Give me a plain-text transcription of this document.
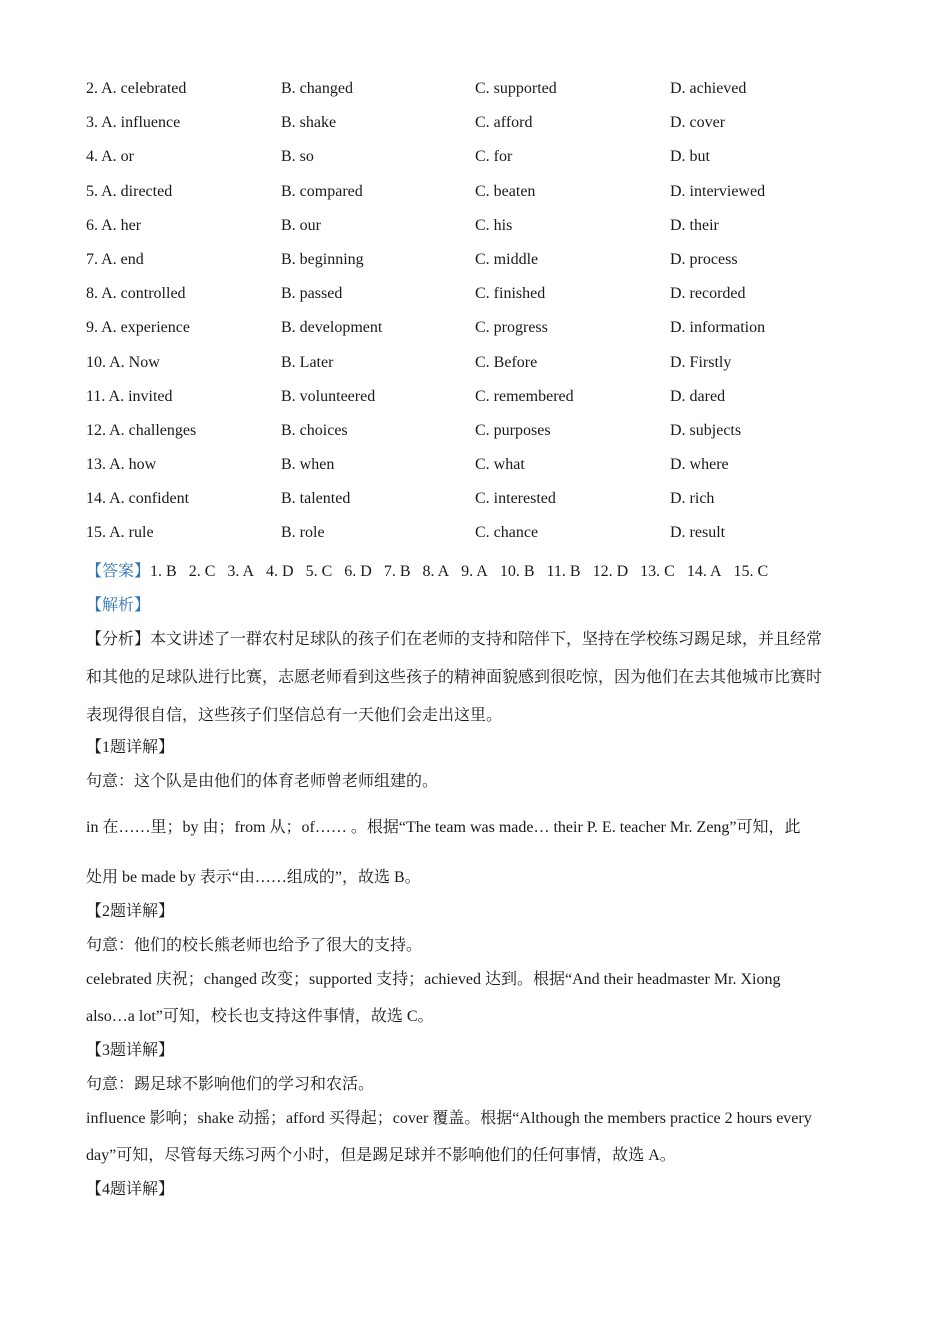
2. A. celebrated	B. changed	C. supported	D. achieved
3. A. influence	B. shake	C. afford	D. cover
4. A. or	B. so	C. for	D. but
5. A. directed	B. compared	C. beaten	D. interviewed
6. A. her	B. our	C. his	D. their
7. A. end	B. beginning	C. middle	D. process
8. A. controlled	B. passed	C. finished	D. recorded
9. A. experience	B. development	C. progress	D. information
10. A. Now	B. Later	C. Before	D. Firstly
11. A. invited	B. volunteered	C. remembered	D. dared
12. A. challenges	B. choices	C. purposes	D. subjects
13. A. how	B. when	C. what	D. where
14. A. confident	B. talented	C. interested	D. rich
15. A. rule	B. role	C. chance	D. result
【答案】1. B 2. C 3. A 4. D 5. C 6. D 7. B 8. A 9. A 10. B 11. B 12. D 13. C 14. A 15. C
【解析】
【分析】本文讲述了一群农村足球队的孩子们在老师的支持和陪伴下，坚持在学校练习踢足球，并且经常
和其他的足球队进行比赛，志愿老师看到这些孩子的精神面貌感到很吃惊，因为他们在去其他城市比赛时
表现得很自信，这些孩子们坚信总有一天他们会走出这里。
【1题详解】
句意：这个队是由他们的体育老师曾老师组建的。
in 在……里；by 由；from 从；of…… 。根据“The team was made… their P. E. teacher Mr. Zeng”可知，此
处用 be made by 表示“由……组成的”，故选 B。
【2题详解】
句意：他们的校长熊老师也给予了很大的支持。
celebrated 庆祝；changed 改变；supported 支持；achieved 达到。根据“And their headmaster Mr. Xiong
also…a lot”可知，校长也支持这件事情，故选 C。
【3题详解】
句意：踢足球不影响他们的学习和农活。
influence 影响；shake 动摇；afford 买得起；cover 覆盖。根据“Although the members practice 2 hours every
day”可知，尽管每天练习两个小时，但是踢足球并不影响他们的任何事情，故选 A。
【4题详解】
